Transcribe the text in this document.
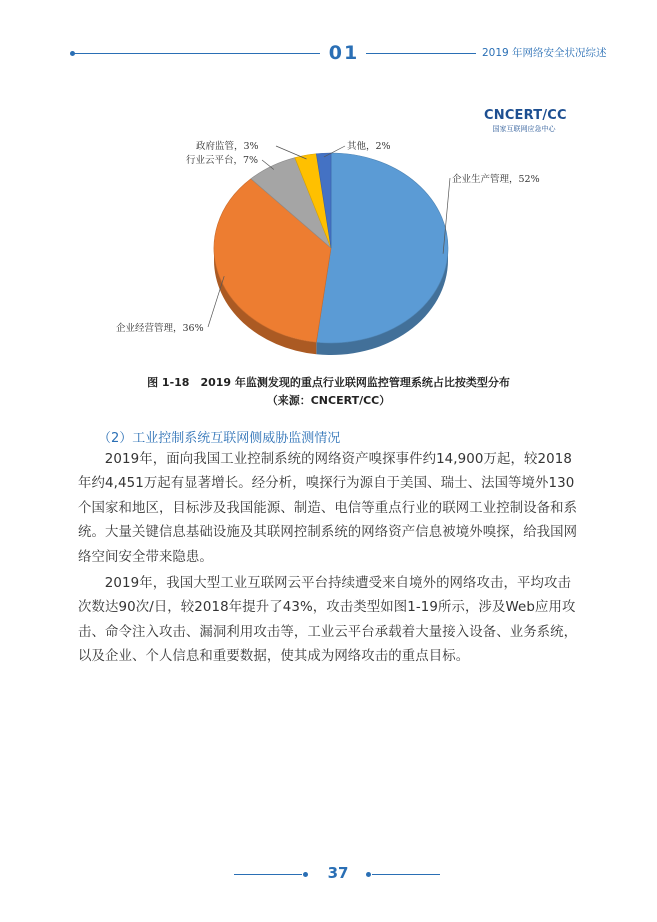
01	2019 年网络安全状况综述
CNCERT/CC
国家互联网应急中心
企业生产管理，52%
企业经营管理，36%
行业云平台，7%
政府监管，3%	其他，2%
图 1-18　2019 年监测发现的重点行业联网监控管理系统占比按类型分布
（来源：CNCERT/CC）
（2）工业控制系统互联网侧威胁监测情况

2019年，面向我国工业控制系统的网络资产嗅探事件约14,900万起，较2018年约4,451万起有显著增长。经分析，嗅探行为源自于美国、瑞士、法国等境外130个国家和地区，目标涉及我国能源、制造、电信等重点行业的联网工业控制设备和系统。大量关键信息基础设施及其联网控制系统的网络资产信息被境外嗅探，给我国网络空间安全带来隐患。

2019年，我国大型工业互联网云平台持续遭受来自境外的网络攻击，平均攻击次数达90次/日，较2018年提升了43%，攻击类型如图1-19所示，涉及Web应用攻击、命令注入攻击、漏洞利用攻击等，工业云平台承载着大量接入设备、业务系统，以及企业、个人信息和重要数据，使其成为网络攻击的重点目标。

37
